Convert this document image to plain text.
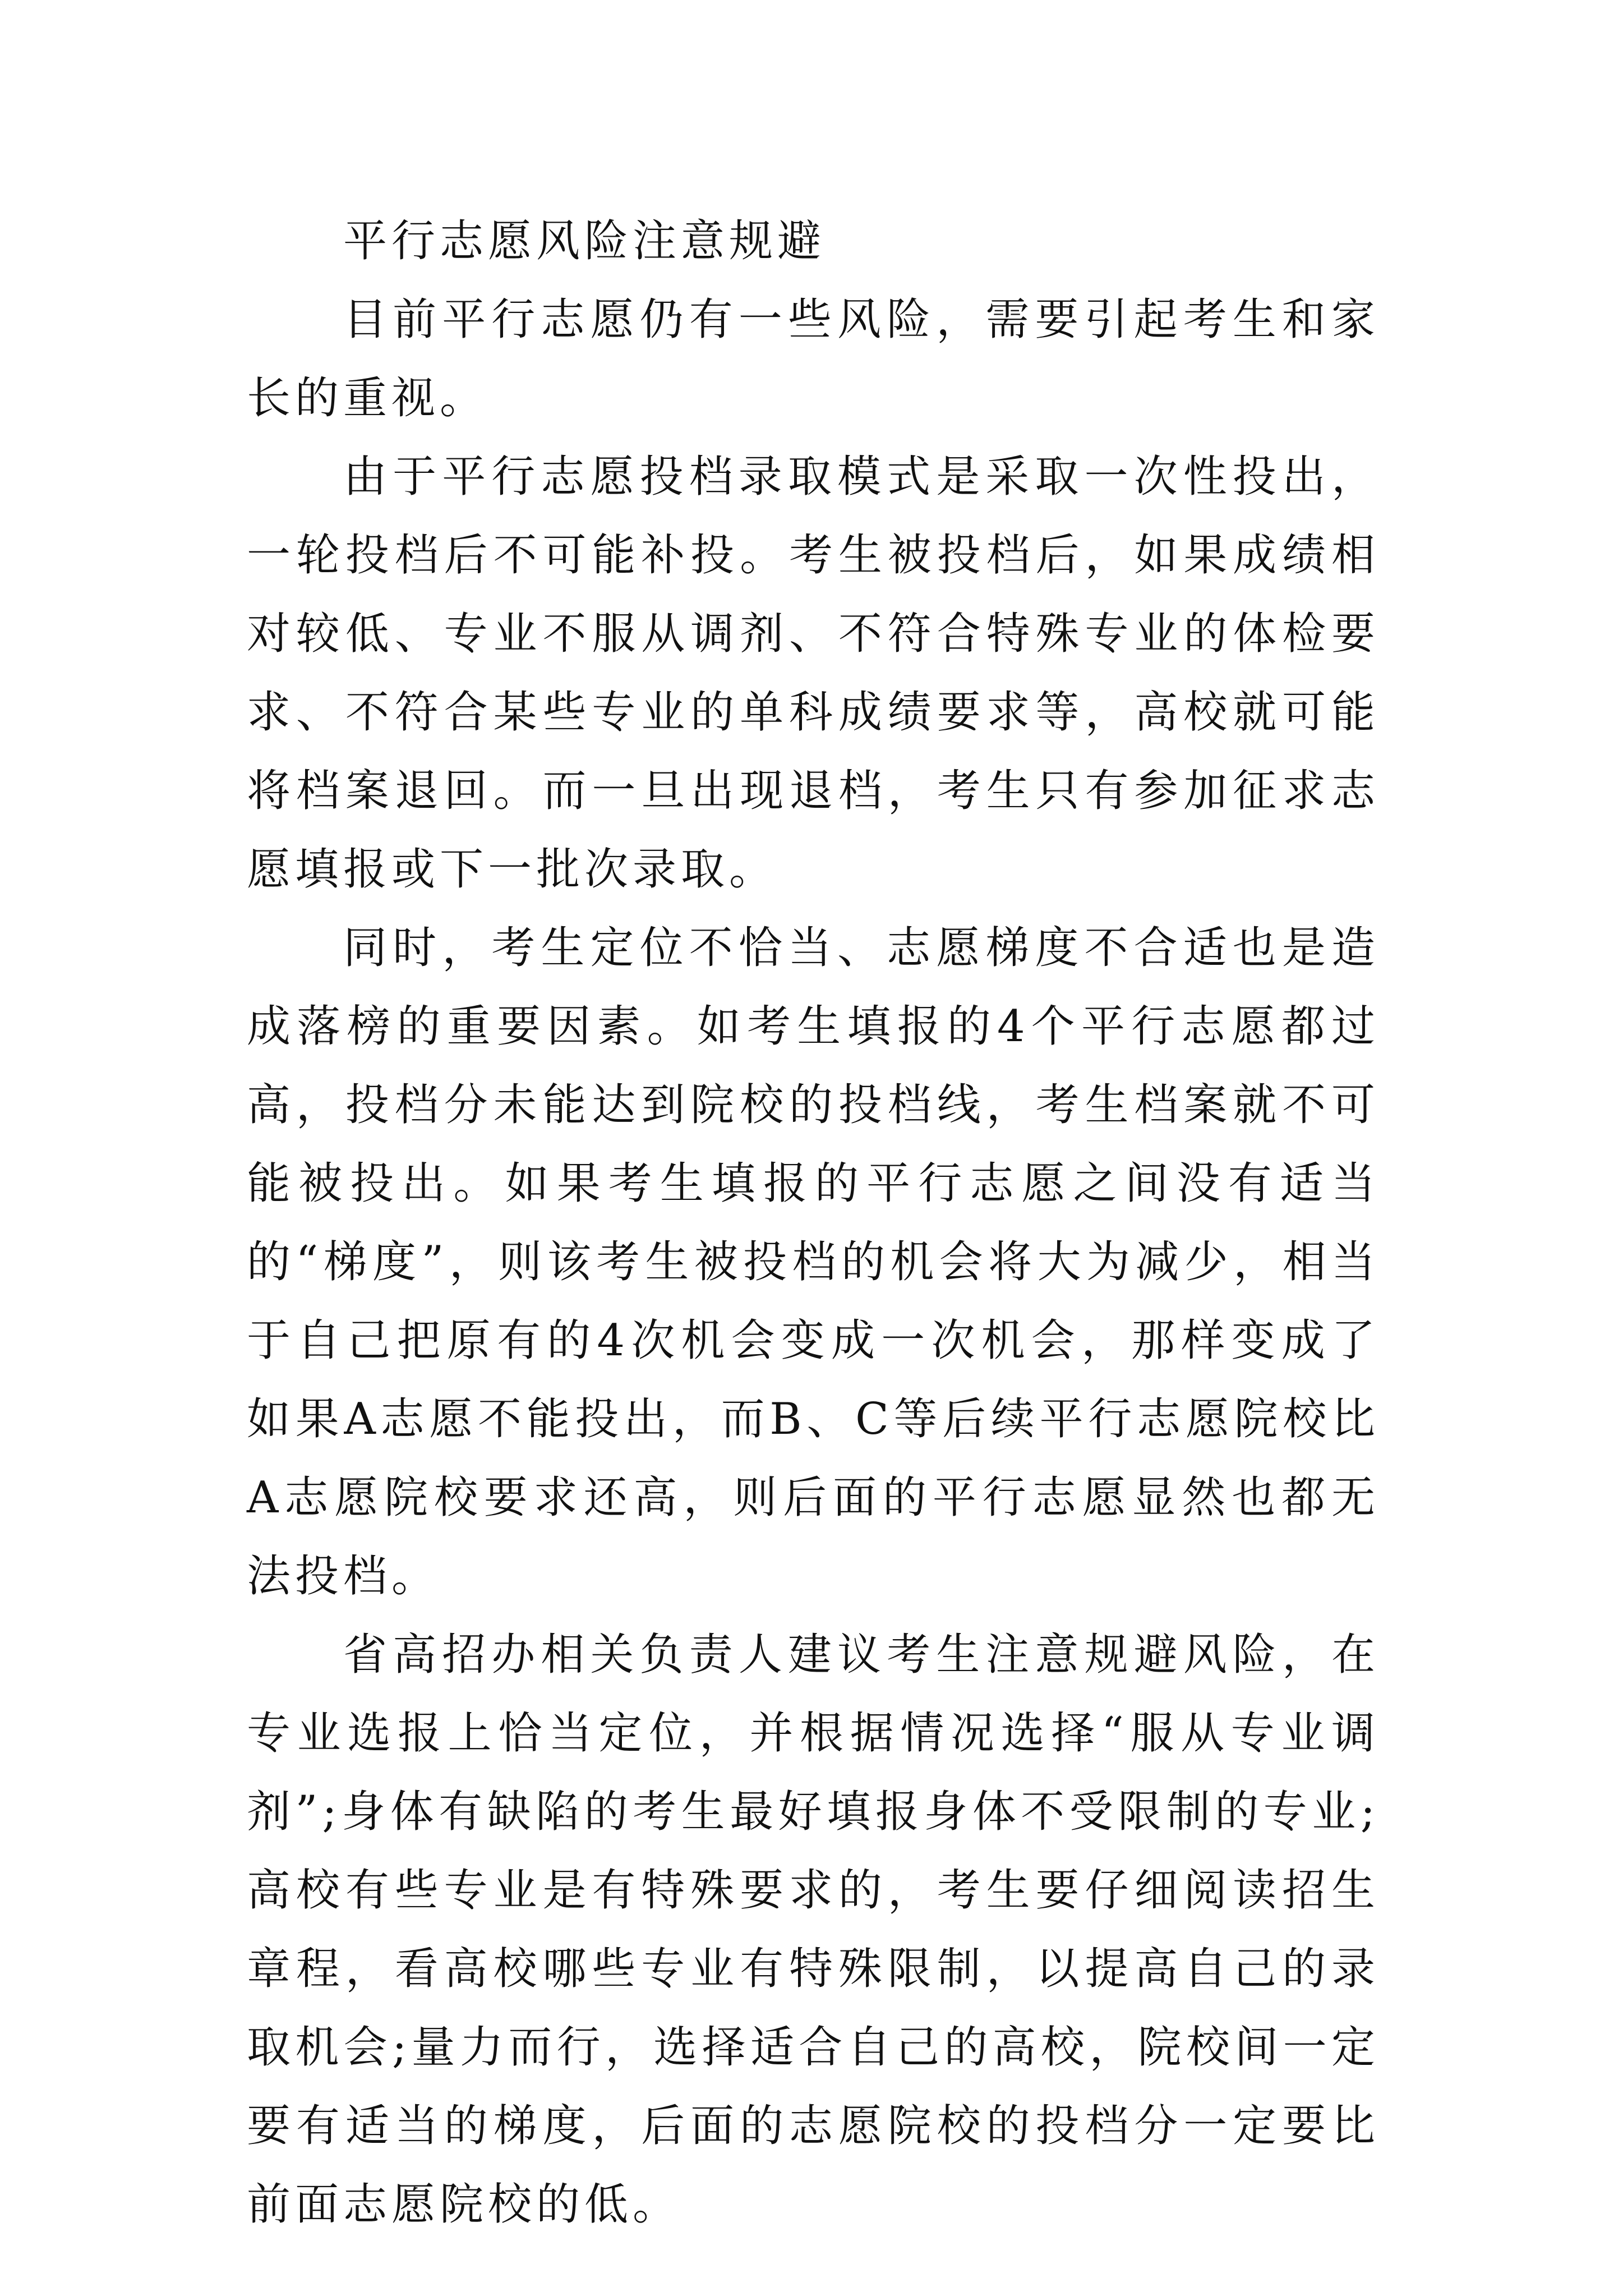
平行志愿风险注意规避

目前平行志愿仍有一些风险，需要引起考生和家长的重视。

由于平行志愿投档录取模式是采取一次性投出，一轮投档后不可能补投。考生被投档后，如果成绩相对较低、专业不服从调剂、不符合特殊专业的体检要求、不符合某些专业的单科成绩要求等，高校就可能将档案退回。而一旦出现退档，考生只有参加征求志愿填报或下一批次录取。

同时，考生定位不恰当、志愿梯度不合适也是造成落榜的重要因素。如考生填报的4个平行志愿都过高，投档分未能达到院校的投档线，考生档案就不可能被投出。如果考生填报的平行志愿之间没有适当的“梯度”，则该考生被投档的机会将大为减少，相当于自己把原有的4次机会变成一次机会，那样变成了如果A志愿不能投出，而B、C等后续平行志愿院校比A志愿院校要求还高，则后面的平行志愿显然也都无法投档。

省高招办相关负责人建议考生注意规避风险，在专业选报上恰当定位，并根据情况选择“服从专业调剂”;身体有缺陷的考生最好填报身体不受限制的专业;高校有些专业是有特殊要求的，考生要仔细阅读招生章程，看高校哪些专业有特殊限制，以提高自己的录取机会;量力而行，选择适合自己的高校，院校间一定要有适当的梯度，后面的志愿院校的投档分一定要比前面志愿院校的低。
